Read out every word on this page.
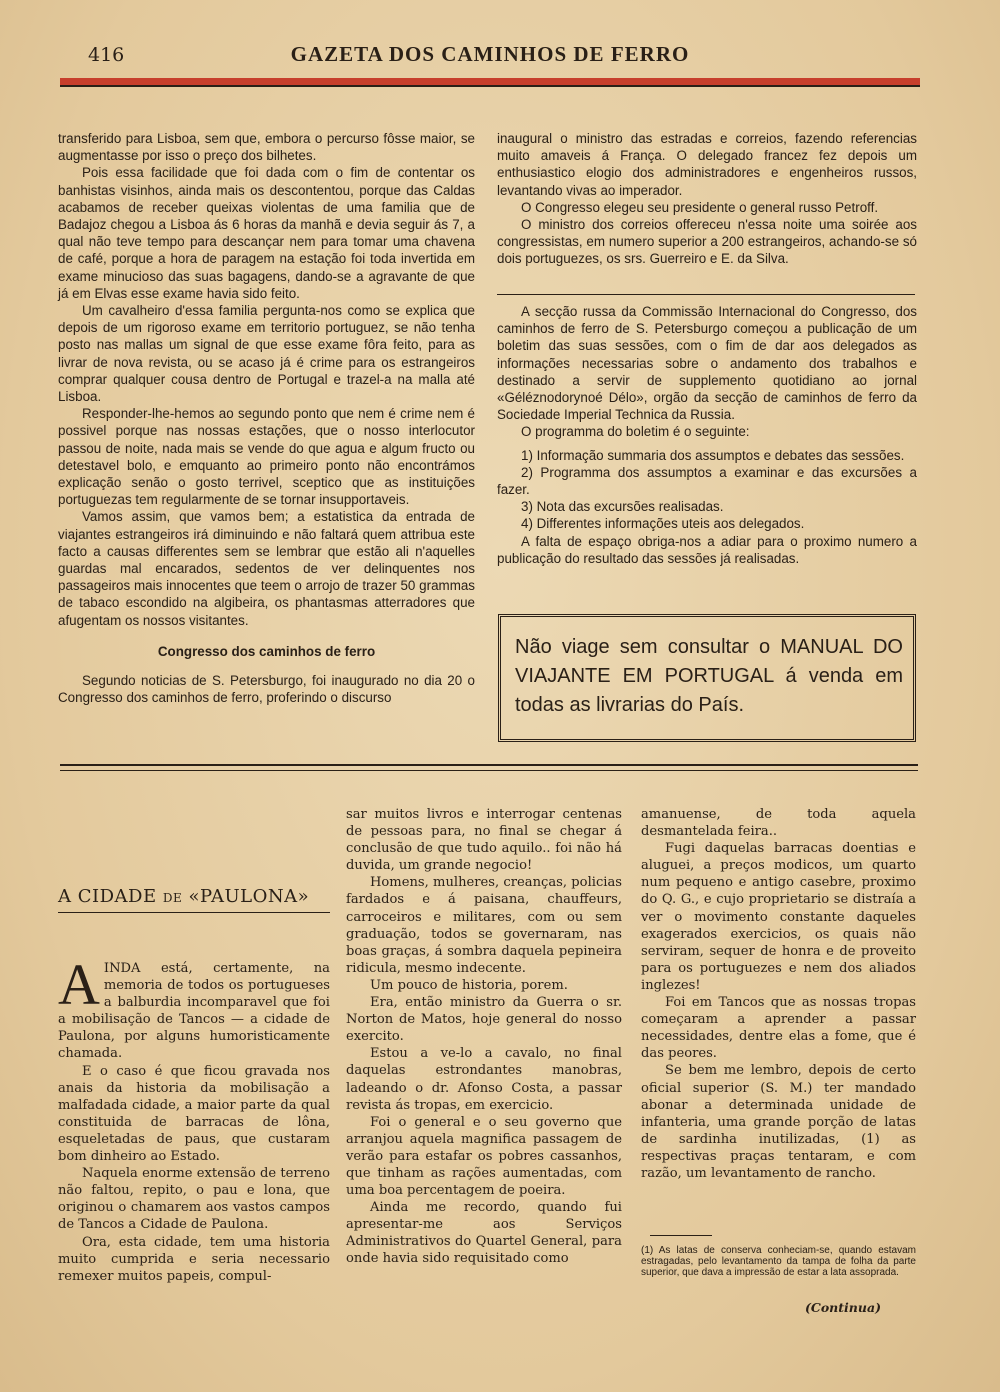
416	GAZETA DOS CAMINHOS DE FERRO

transferido para Lisboa, sem que, embora o percurso fôsse maior, se augmentasse por isso o preço dos bilhetes.

Pois essa facilidade que foi dada com o fim de contentar os banhistas visinhos, ainda mais os descontentou, porque das Caldas acabamos de receber queixas violentas de uma familia que de Badajoz chegou a Lisboa ás 6 horas da manhã e devia seguir ás 7, a qual não teve tempo para descançar nem para tomar uma chavena de café, porque a hora de paragem na estação foi toda invertida em exame minucioso das suas bagagens, dando-se a agravante de que já em Elvas esse exame havia sido feito.

Um cavalheiro d'essa familia pergunta-nos como se explica que depois de um rigoroso exame em territorio portuguez, se não tenha posto nas mallas um signal de que esse exame fôra feito, para as livrar de nova revista, ou se acaso já é crime para os estrangeiros comprar qualquer cousa dentro de Portugal e trazel-a na malla até Lisboa.

Responder-lhe-hemos ao segundo ponto que nem é crime nem é possivel porque nas nossas estações, que o nosso interlocutor passou de noite, nada mais se vende do que agua e algum fructo ou detestavel bolo, e emquanto ao primeiro ponto não encontrámos explicação senão o gosto terrivel, sceptico que as instituições portuguezas tem regularmente de se tornar insupportaveis.

Vamos assim, que vamos bem; a estatistica da entrada de viajantes estrangeiros irá diminuindo e não faltará quem attribua este facto a causas differentes sem se lembrar que estão ali n'aquelles guardas mal encarados, sedentos de ver delinquentes nos passageiros mais innocentes que teem o arrojo de trazer 50 grammas de tabaco escondido na algibeira, os phantasmas atterradores que afugentam os nossos visitantes.

Congresso dos caminhos de ferro

Segundo noticias de S. Petersburgo, foi inaugurado no dia 20 o Congresso dos caminhos de ferro, proferindo o discurso

inaugural o ministro das estradas e correios, fazendo referencias muito amaveis á França. O delegado francez fez depois um enthusiastico elogio dos administradores e engenheiros russos, levantando vivas ao imperador.

O Congresso elegeu seu presidente o general russo Petroff.

O ministro dos correios offereceu n'essa noite uma soirée aos congressistas, em numero superior a 200 estrangeiros, achando-se só dois portuguezes, os srs. Guerreiro e E. da Silva.

A secção russa da Commissão Internacional do Congresso, dos caminhos de ferro de S. Petersburgo começou a publicação de um boletim das suas sessões, com o fim de dar aos delegados as informações necessarias sobre o andamento dos trabalhos e destinado a servir de supplemento quotidiano ao jornal «Géléznodorynoé Délo», orgão da secção de caminhos de ferro da Sociedade Imperial Technica da Russia.

O programma do boletim é o seguinte:

1) Informação summaria dos assumptos e debates das sessões.

2) Programma dos assumptos a examinar e das excursões a fazer.

3) Nota das excursões realisadas.

4) Differentes informações uteis aos delegados.

A falta de espaço obriga-nos a adiar para o proximo numero a publicação do resultado das sessões já realisadas.

Não viage sem consultar o MANUAL DO VIAJANTE EM PORTUGAL á venda em todas as livrarias do País.
A CIDADE DE «PAULONA»

AINDA está, certamente, na memoria de todos os portugueses a balburdia incomparavel que foi a mobilisação de Tancos — a cidade de Paulona, por alguns humoristicamente chamada.

E o caso é que ficou gravada nos anais da historia da mobilisação a malfadada cidade, a maior parte da qual constituida de barracas de lôna, esqueletadas de paus, que custaram bom dinheiro ao Estado.

Naquela enorme extensão de terreno não faltou, repito, o pau e lona, que originou o chamarem aos vastos campos de Tancos a Cidade de Paulona.

Ora, esta cidade, tem uma historia muito cumprida e seria necessario remexer muitos papeis, compul-

sar muitos livros e interrogar centenas de pessoas para, no final se chegar á conclusão de que tudo aquilo.. foi não há duvida, um grande negocio!

Homens, mulheres, creanças, policias fardados e á paisana, chauffeurs, carroceiros e militares, com ou sem graduação, todos se governaram, nas boas graças, á sombra daquela pepineira ridicula, mesmo indecente.

Um pouco de historia, porem.

Era, então ministro da Guerra o sr. Norton de Matos, hoje general do nosso exercito.

Estou a ve-lo a cavalo, no final daquelas estrondantes manobras, ladeando o dr. Afonso Costa, a passar revista ás tropas, em exercicio.

Foi o general e o seu governo que arranjou aquela magnifica passagem de verão para estafar os pobres cassanhos, que tinham as rações aumentadas, com uma boa percentagem de poeira.

Ainda me recordo, quando fui apresentar-me aos Serviços Administrativos do Quartel General, para onde havia sido requisitado como

amanuense, de toda aquela desmantelada feira..

Fugi daquelas barracas doentias e aluguei, a preços modicos, um quarto num pequeno e antigo casebre, proximo do Q. G., e cujo proprietario se distraía a ver o movimento constante daqueles exagerados exercicios, os quais não serviram, sequer de honra e de proveito para os portuguezes e nem dos aliados inglezes!

Foi em Tancos que as nossas tropas começaram a aprender a passar necessidades, dentre elas a fome, que é das peores.

Se bem me lembro, depois de certo oficial superior (S. M.) ter mandado abonar a determinada unidade de infanteria, uma grande porção de latas de sardinha inutilizadas, (1) as respectivas praças tentaram, e com razão, um levantamento de rancho.

(1) As latas de conserva conheciam-se, quando estavam estragadas, pelo levantamento da tampa de folha da parte superior, que dava a impressão de estar a lata assoprada.
(Continua)
